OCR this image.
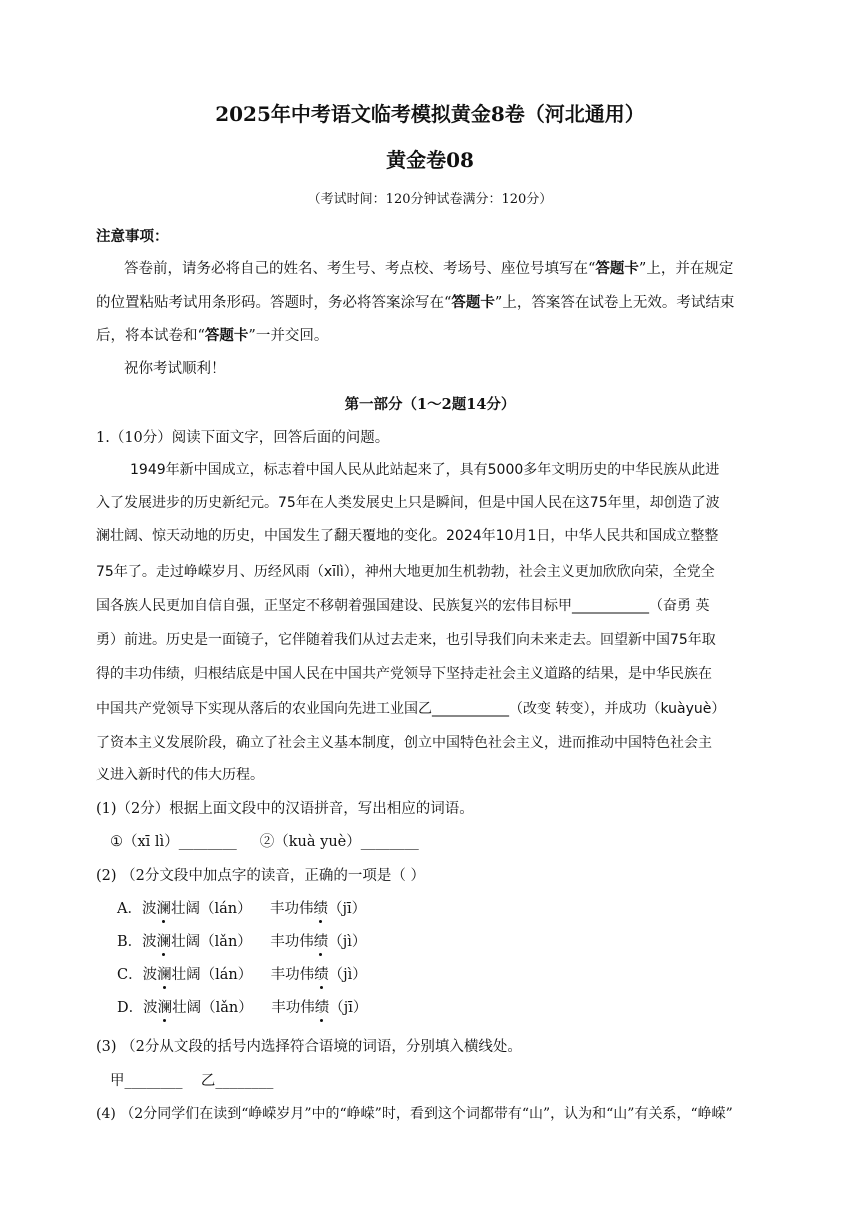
2025年中考语文临考模拟黄金8卷（河北通用）
黄金卷08
（考试时间：120分钟试卷满分：120分）
注意事项：
答卷前，请务必将自己的姓名、考生号、考点校、考场号、座位号填写在“答题卡”上，并在规定
的位置粘贴考试用条形码。答题时，务必将答案涂写在“答题卡”上，答案答在试卷上无效。考试结束
后，将本试卷和“答题卡”一并交回。
祝你考试顺利！
第一部分（1～2题14分）
1.（10分）阅读下面文字，回答后面的问题。
1949年新中国成立，标志着中国人民从此站起来了，具有5000多年文明历史的中华民族从此进
入了发展进步的历史新纪元。75年在人类发展史上只是瞬间，但是中国人民在这75年里，却创造了波
澜壮阔、惊天动地的历史，中国发生了翻天覆地的变化。2024年10月1日，中华人民共和国成立整整
75年了。走过峥嵘岁月、历经风雨（xīlì），神州大地更加生机勃勃，社会主义更加欣欣向荣，全党全
国各族人民更加自信自强，正坚定不移朝着强国建设、民族复兴的宏伟目标甲___________（奋勇 英
勇）前进。历史是一面镜子，它伴随着我们从过去走来，也引导我们向未来走去。回望新中国75年取
得的丰功伟绩，归根结底是中国人民在中国共产党领导下坚持走社会主义道路的结果，是中华民族在
中国共产党领导下实现从落后的农业国向先进工业国乙___________（改变 转变），并成功（kuàyuè）
了资本主义发展阶段，确立了社会主义基本制度，创立中国特色社会主义，进而推动中国特色社会主
义进入新时代的伟大历程。
(1)（2分）根据上面文段中的汉语拼音，写出相应的词语。
①（xī lì）________     ②（kuà yuè）________
(2) （2分文段中加点字的读音，正确的一项是（ ）
A．波澜壮阔（lán）    丰功伟绩（jī）
B．波澜壮阔（lǎn）    丰功伟绩（jì）
C．波澜壮阔（lán）    丰功伟绩（jì）
D．波澜壮阔（lǎn）    丰功伟绩（jī）
(3) （2分从文段的括号内选择符合语境的词语，分别填入横线处。
甲________    乙________
(4) （2分同学们在读到“峥嵘岁月”中的“峥嵘”时，看到这个词都带有“山”，认为和“山”有关系，“峥嵘”
